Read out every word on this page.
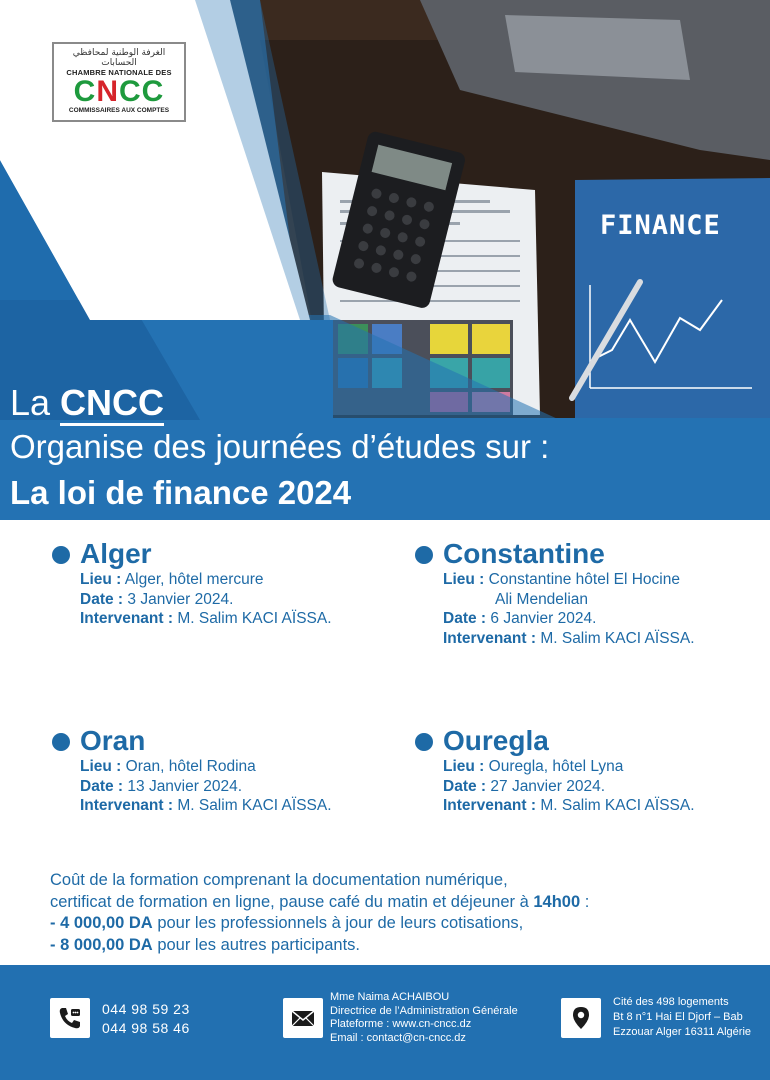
الغرفة الوطنية لمحافظي الحسابات
CHAMBRE NATIONALE DES
CNCC
COMMISSAIRES AUX COMPTES
FINANCE
La CNCC
Organise des journées d’études sur :
La loi de finance 2024
Alger
Lieu : Alger, hôtel mercure
Date : 3 Janvier 2024.
Intervenant : M. Salim KACI AÏSSA.
Constantine
Lieu : Constantine hôtel El Hocine
Ali Mendelian
Date : 6 Janvier 2024.
Intervenant : M. Salim KACI AÏSSA.
Oran
Lieu : Oran, hôtel Rodina
Date : 13 Janvier 2024.
Intervenant : M. Salim KACI AÏSSA.
Ouregla
Lieu : Ouregla, hôtel Lyna
Date : 27 Janvier 2024.
Intervenant : M. Salim KACI AÏSSA.
Coût de la formation comprenant la documentation numérique,
certificat de formation en ligne, pause café du matin et déjeuner à 14h00 :
- 4 000,00 DA pour les professionnels à jour de leurs cotisations,
- 8 000,00 DA pour les autres participants.
044 98 59 23
044 98 58 46
Mme Naima ACHAIBOU
Directrice de l’Administration Générale
Plateforme : www.cn-cncc.dz
Email : contact@cn-cncc.dz
Cité des 498 logements
Bt 8 n°1 Hai El Djorf – Bab
Ezzouar Alger 16311 Algérie
